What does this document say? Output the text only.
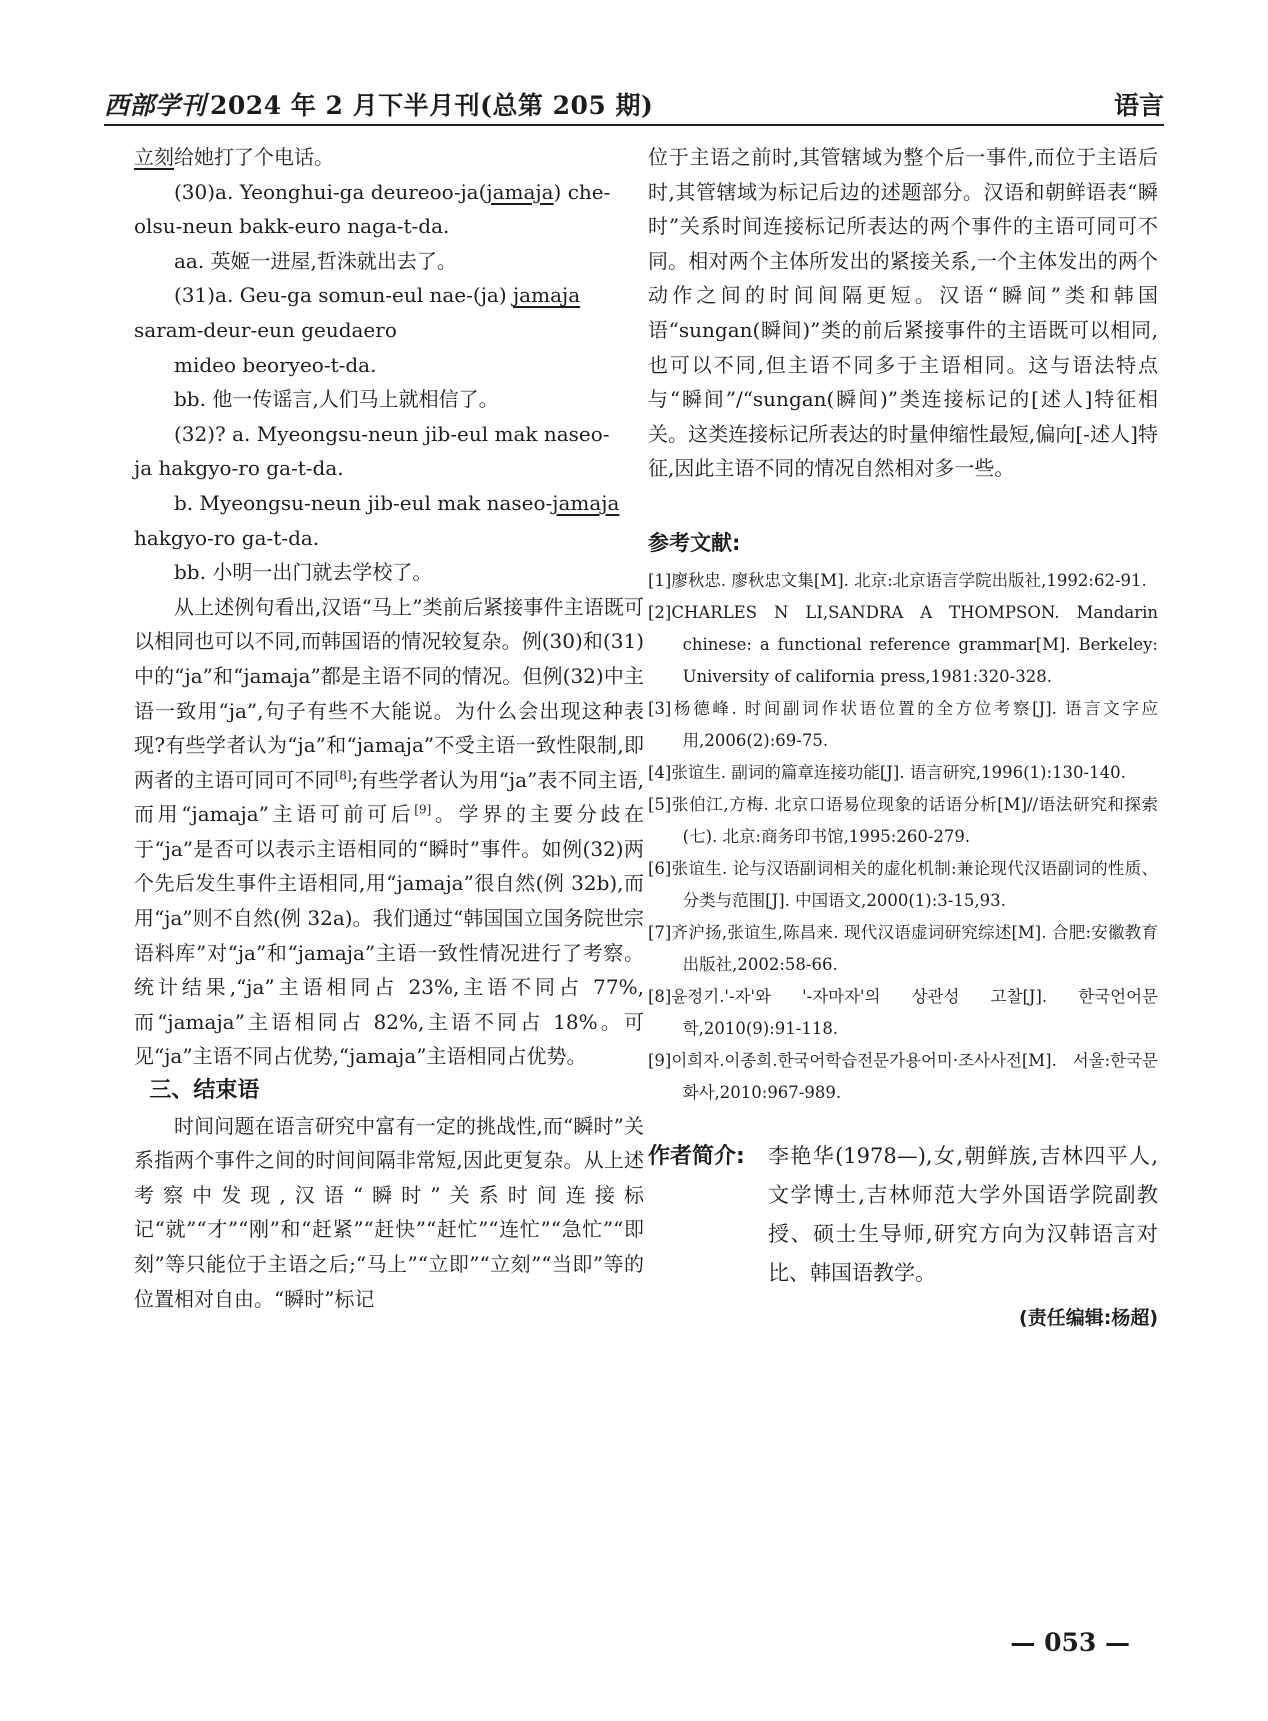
西部学刊 2024 年 2 月下半月刊(总第 205 期)	语言

立刻给她打了个电话。

(30)a. Yeonghui-ga deureoo-ja(jamaja) che-

olsu-neun bakk-euro naga-t-da.

aa. 英姬一进屋,哲洙就出去了。

(31)a. Geu-ga somun-eul nae-(ja) jamaja

saram-deur-eun geudaero

mideo beoryeo-t-da.

bb. 他一传谣言,人们马上就相信了。

(32)? a. Myeongsu-neun jib-eul mak naseo-

ja hakgyo-ro ga-t-da.

b. Myeongsu-neun jib-eul mak naseo-jamaja

hakgyo-ro ga-t-da.

bb. 小明一出门就去学校了。

从上述例句看出,汉语“马上”类前后紧接事件主语既可以相同也可以不同,而韩国语的情况较复杂。例(30)和(31)中的“ja”和“jamaja”都是主语不同的情况。但例(32)中主语一致用“ja”,句子有些不大能说。为什么会出现这种表现?有些学者认为“ja”和“jamaja”不受主语一致性限制,即两者的主语可同可不同[8];有些学者认为用“ja”表不同主语,而用“jamaja”主语可前可后[9]。学界的主要分歧在于“ja”是否可以表示主语相同的“瞬时”事件。如例(32)两个先后发生事件主语相同,用“jamaja”很自然(例 32b),而用“ja”则不自然(例 32a)。我们通过“韩国国立国务院世宗语料库”对“ja”和“jamaja”主语一致性情况进行了考察。统计结果,“ja”主语相同占 23%,主语不同占 77%,而“jamaja”主语相同占 82%,主语不同占 18%。可见“ja”主语不同占优势,“jamaja”主语相同占优势。

三、结束语

时间问题在语言研究中富有一定的挑战性,而“瞬时”关系指两个事件之间的时间间隔非常短,因此更复杂。从上述考察中发现,汉语“瞬时”关系时间连接标记“就”“才”“刚”和“赶紧”“赶快”“赶忙”“连忙”“急忙”“即刻”等只能位于主语之后;“马上”“立即”“立刻”“当即”等的位置相对自由。“瞬时”标记

位于主语之前时,其管辖域为整个后一事件,而位于主语后时,其管辖域为标记后边的述题部分。汉语和朝鲜语表“瞬时”关系时间连接标记所表达的两个事件的主语可同可不同。相对两个主体所发出的紧接关系,一个主体发出的两个动作之间的时间间隔更短。汉语“瞬间”类和韩国语“sungan(瞬间)”类的前后紧接事件的主语既可以相同,也可以不同,但主语不同多于主语相同。这与语法特点与“瞬间”/“sungan(瞬间)”类连接标记的[述人]特征相关。这类连接标记所表达的时量伸缩性最短,偏向[-述人]特征,因此主语不同的情况自然相对多一些。

参考文献:

[1]廖秋忠. 廖秋忠文集[M]. 北京:北京语言学院出版社,1992:62-91.

[2]CHARLES N LI,SANDRA A THOMPSON. Mandarin chinese: a functional reference grammar[M]. Berkeley: University of california press,1981:320-328.

[3]杨德峰. 时间副词作状语位置的全方位考察[J]. 语言文字应用,2006(2):69-75.

[4]张谊生. 副词的篇章连接功能[J]. 语言研究,1996(1):130-140.

[5]张伯江,方梅. 北京口语易位现象的话语分析[M]//语法研究和探索(七). 北京:商务印书馆,1995:260-279.

[6]张谊生. 论与汉语副词相关的虚化机制:兼论现代汉语副词的性质、分类与范围[J]. 中国语文,2000(1):3-15,93.

[7]齐沪扬,张谊生,陈昌来. 现代汉语虚词研究综述[M]. 合肥:安徽教育出版社,2002:58-66.

[8]윤정기.'-자'와 '-자마자'의 상관성 고찰[J]. 한국언어문학,2010(9):91-118.

[9]이희자.이종희.한국어학습전문가용어미·조사사전[M]. 서울:한국문화사,2010:967-989.

作者简介:	李艳华(1978—),女,朝鲜族,吉林四平人,文学博士,吉林师范大学外国语学院副教授、硕士生导师,研究方向为汉韩语言对比、韩国语教学。
(责任编辑:杨超)
— 053 —
